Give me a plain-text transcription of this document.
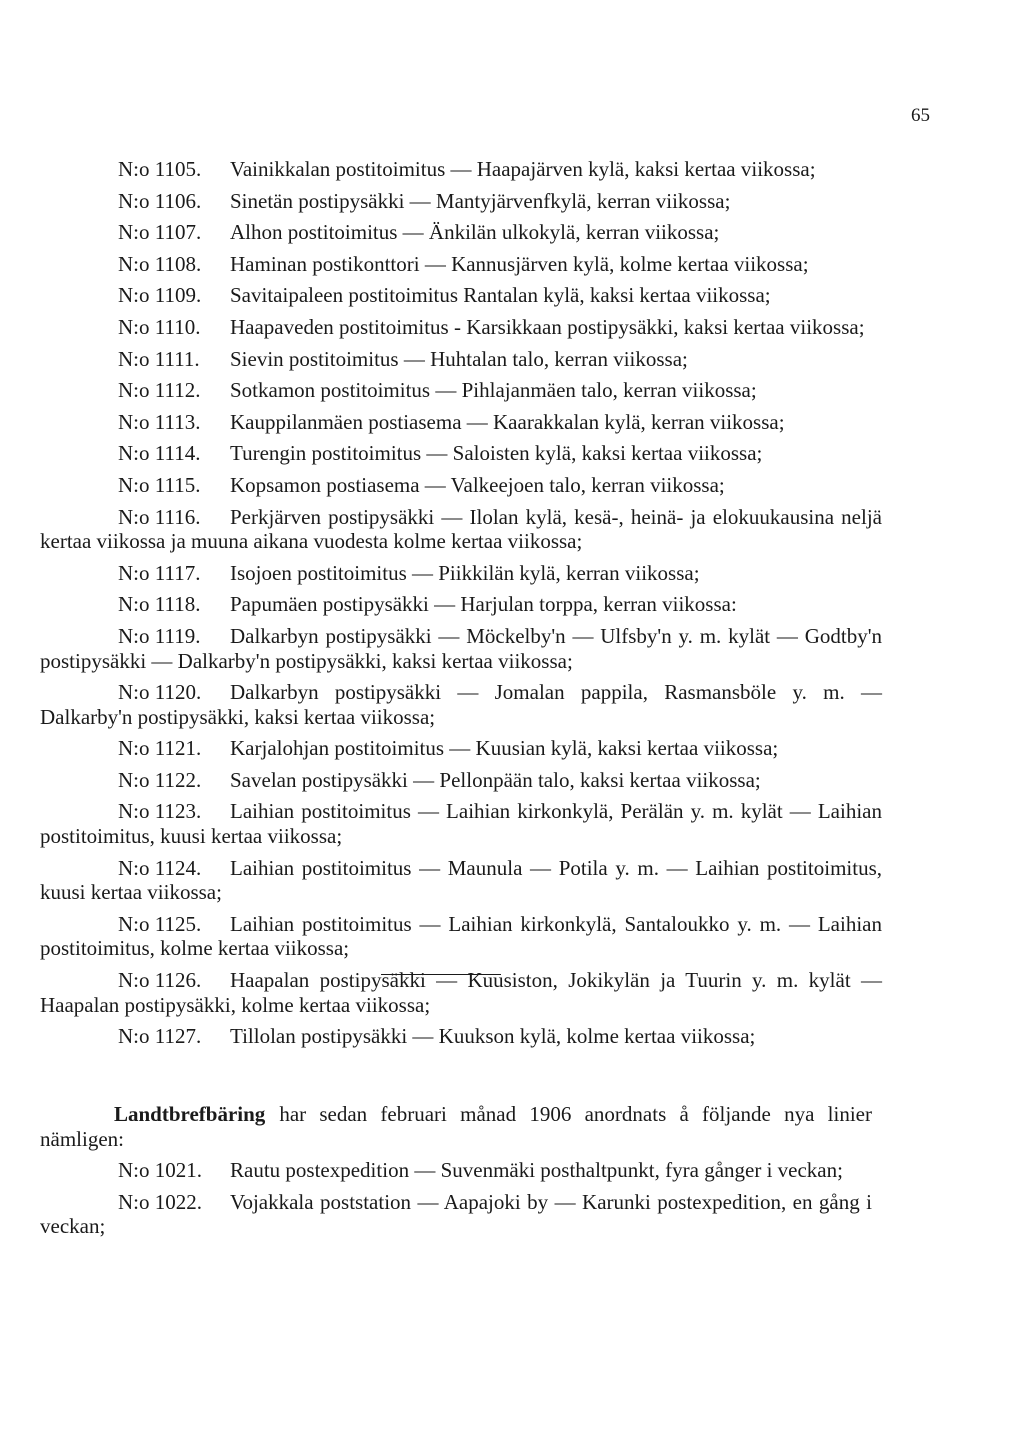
65

N:o 1105. Vainikkalan postitoimitus — Haapajärven kylä, kaksi kertaa viikossa;

N:o 1106. Sinetän postipysäkki — Mantyjärvenfkylä, kerran viikossa;

N:o 1107. Alhon postitoimitus — Änkilän ulkokylä, kerran viikossa;

N:o 1108. Haminan postikonttori — Kannusjärven kylä, kolme kertaa viikossa;

N:o 1109. Savitaipaleen postitoimitus Rantalan kylä, kaksi kertaa viikossa;

N:o 1110. Haapaveden postitoimitus - Karsikkaan postipysäkki, kaksi kertaa viikossa;

N:o 1111. Sievin postitoimitus — Huhtalan talo, kerran viikossa;

N:o 1112. Sotkamon postitoimitus — Pihlajanmäen talo, kerran viikossa;

N:o 1113. Kauppilanmäen postiasema — Kaarakkalan kylä, kerran viikossa;

N:o 1114. Turengin postitoimitus — Saloisten kylä, kaksi kertaa viikossa;

N:o 1115. Kopsamon postiasema — Valkeejoen talo, kerran viikossa;

N:o 1116. Perkjärven postipysäkki — Ilolan kylä, kesä-, heinä- ja elokuukausina neljä kertaa viikossa ja muuna aikana vuodesta kolme kertaa viikossa;

N:o 1117. Isojoen postitoimitus — Piikkilän kylä, kerran viikossa;

N:o 1118. Papumäen postipysäkki — Harjulan torppa, kerran viikossa:

N:o 1119. Dalkarbyn postipysäkki — Möckelby'n — Ulfsby'n y. m. kylät — Godtby'n postipysäkki — Dalkarby'n postipysäkki, kaksi kertaa viikossa;

N:o 1120. Dalkarbyn postipysäkki — Jomalan pappila, Rasmansböle y. m. — Dalkarby'n postipysäkki, kaksi kertaa viikossa;

N:o 1121. Karjalohjan postitoimitus — Kuusian kylä, kaksi kertaa viikossa;

N:o 1122. Savelan postipysäkki — Pellonpään talo, kaksi kertaa viikossa;

N:o 1123. Laihian postitoimitus — Laihian kirkonkylä, Perälän y. m. kylät — Laihian postitoimitus, kuusi kertaa viikossa;

N:o 1124. Laihian postitoimitus — Maunula — Potila y. m. — Laihian postitoimitus, kuusi kertaa viikossa;

N:o 1125. Laihian postitoimitus — Laihian kirkonkylä, Santaloukko y. m. — Laihian postitoimitus, kolme kertaa viikossa;

N:o 1126. Haapalan postipysäkki — Kuusiston, Jokikylän ja Tuurin y. m. kylät — Haapalan postipysäkki, kolme kertaa viikossa;

N:o 1127. Tillolan postipysäkki — Kuukson kylä, kolme kertaa viikossa;

Landtbrefbäring har sedan februari månad 1906 anordnats å följande nya linier nämligen:

N:o 1021. Rautu postexpedition — Suvenmäki posthaltpunkt, fyra gånger i veckan;

N:o 1022. Vojakkala poststation — Aapajoki by — Karunki postexpedition, en gång i veckan;
